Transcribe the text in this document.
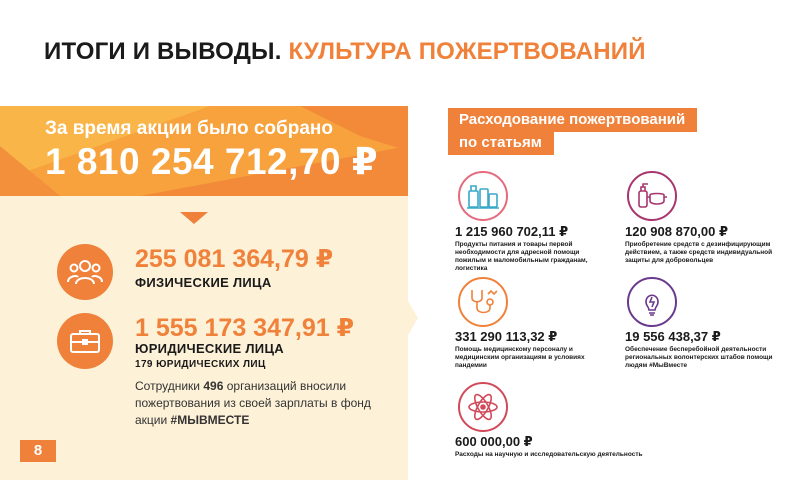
ИТОГИ И ВЫВОДЫ. КУЛЬТУРА ПОЖЕРТВОВАНИЙ
За время акции было собрано
1 810 254 712,70 ₽
255 081 364,79 ₽
ФИЗИЧЕСКИЕ ЛИЦА
1 555 173 347,91 ₽
ЮРИДИЧЕСКИЕ ЛИЦА
179 ЮРИДИЧЕСКИХ ЛИЦ
Сотрудники 496 организаций вносили пожертвования из своей зарплаты в фонд акции #МЫВМЕСТЕ
8
Расходование пожертвований
по статьям
1 215 960 702,11 ₽
Продукты питания и товары первой необходимости для адресной помощи пожилым и маломобильным гражданам, логистика
120 908 870,00 ₽
Приобретение средств с дезинфицирующим действием, а также средств индивидуальной защиты для добровольцев
331 290 113,32 ₽
Помощь медицинскому персоналу и медицинским организациям в условиях пандемии
19 556 438,37 ₽
Обеспечение бесперебойной деятельности региональных волонтерских штабов помощи людям #МыВместе
600 000,00 ₽
Расходы на научную и исследовательскую деятельность
